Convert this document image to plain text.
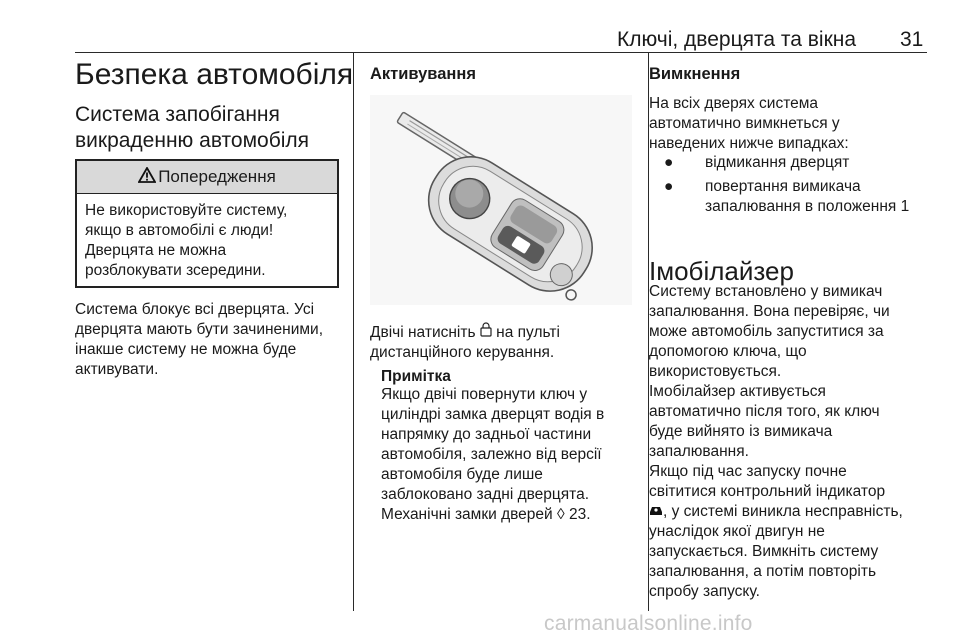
Ключі, дверцята та вікна 31
Безпека автомобіля
Система запобігання
викраденню автомобіля
Попередження
Не використовуйте систему,
якщо в автомобілі є люди!
Дверцята не можна
розблокувати зсередини.
Система блокує всі дверцята. Усі
дверцята мають бути зачиненими,
інакше систему не можна буде
активувати.
Активування
Двічі натисніть на пульті
дистанційного керування.
Примітка
Якщо двічі повернути ключ у
циліндрі замка дверцят водія в
напрямку до задньої частини
автомобіля, залежно від версії
автомобіля буде лише
заблоковано задні дверцята.
Механічні замки дверей ◊ 23.
Вимкнення
На всіх дверях система
автоматично вимкнеться у
наведених нижче випадках:
● відмикання дверцят
● повертання вимикача
запалювання в положення 1
Імобілайзер
Систему встановлено у вимикач
запалювання. Вона перевіряє, чи
може автомобіль запуститися за
допомогою ключа, що
використовується.
Імобілайзер активується
автоматично після того, як ключ
буде вийнято із вимикача
запалювання.
Якщо під час запуску почне
світитися контрольний індикатор
, у системі виникла несправність,
унаслідок якої двигун не
запускається. Вимкніть систему
запалювання, а потім повторіть
спробу запуску.
carmanualsonline.info
